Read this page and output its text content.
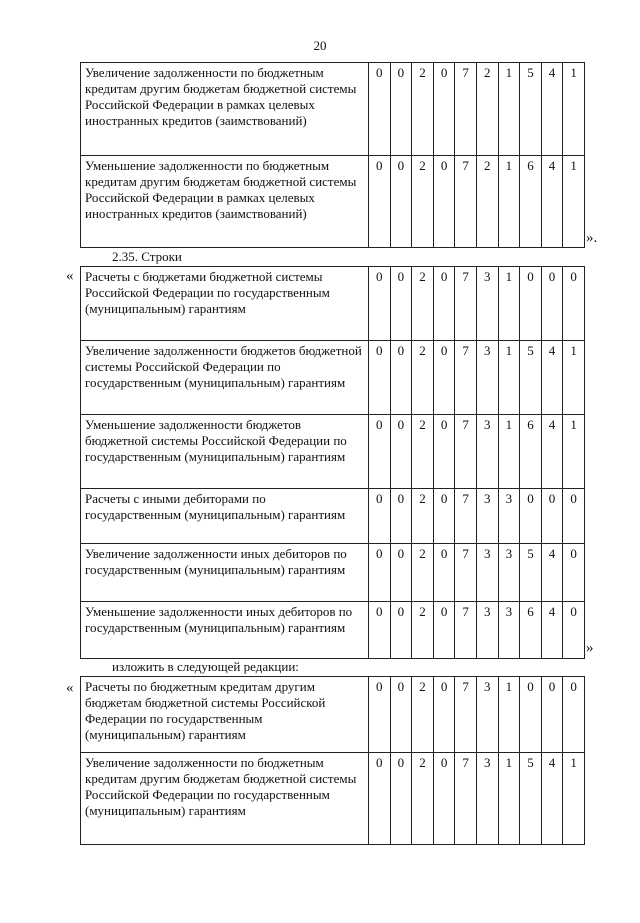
20
Увеличение задолженности по бюджетным кредитам другим бюджетам бюджетной системы Российской Федерации в рамках целевых иностранных кредитов (заимствований)	0	0	2	0	7	2	1	5	4	1
Уменьшение задолженности по бюджетным кредитам другим бюджетам бюджетной системы Российской Федерации в рамках целевых иностранных кредитов (заимствований)	0	0	2	0	7	2	1	6	4	1
».
2.35. Строки
« Расчеты с бюджетами бюджетной системы Российской Федерации по государственным (муниципальным) гарантиям	0	0	2	0	7	3	1	0	0	0
Увеличение задолженности бюджетов бюджетной системы Российской Федерации по государственным (муниципальным) гарантиям	0	0	2	0	7	3	1	5	4	1
Уменьшение задолженности бюджетов бюджетной системы Российской Федерации по государственным (муниципальным) гарантиям	0	0	2	0	7	3	1	6	4	1
Расчеты с иными дебиторами по государственным (муниципальным) гарантиям	0	0	2	0	7	3	3	0	0	0
Увеличение задолженности иных дебиторов по государственным (муниципальным) гарантиям	0	0	2	0	7	3	3	5	4	0
Уменьшение задолженности иных дебиторов по государственным (муниципальным) гарантиям	0	0	2	0	7	3	3	6	4	0
»
изложить в следующей редакции:
« Расчеты по бюджетным кредитам другим бюджетам бюджетной системы Российской Федерации по государственным (муниципальным) гарантиям	0	0	2	0	7	3	1	0	0	0
Увеличение задолженности по бюджетным кредитам другим бюджетам бюджетной системы Российской Федерации по государственным (муниципальным) гарантиям	0	0	2	0	7	3	1	5	4	1
